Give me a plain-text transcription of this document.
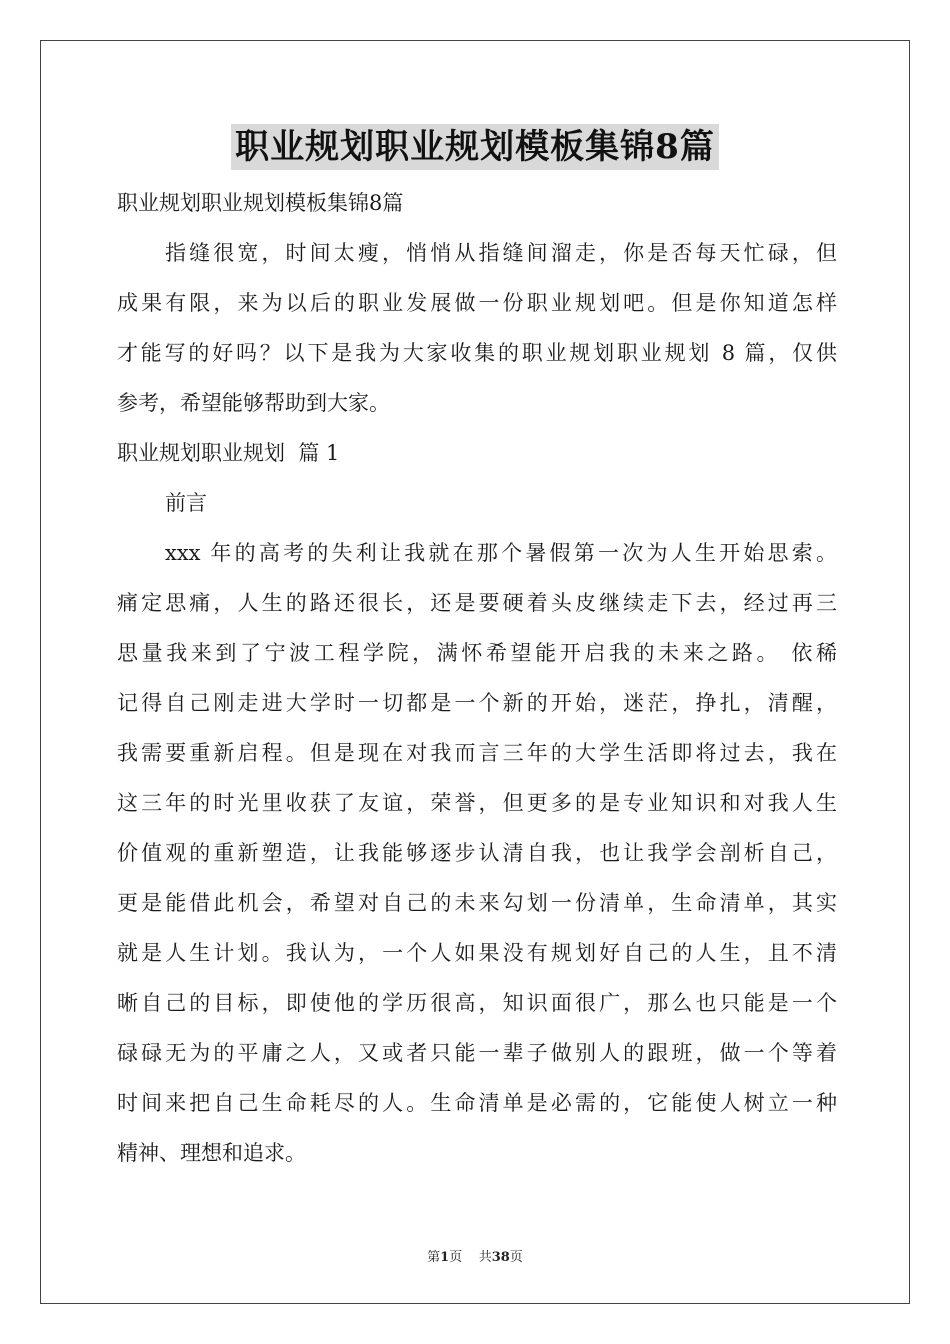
职业规划职业规划模板集锦8篇
职业规划职业规划模板集锦8篇
指缝很宽，时间太瘦，悄悄从指缝间溜走，你是否每天忙碌，但
成果有限，来为以后的职业发展做一份职业规划吧。但是你知道怎样
才能写的好吗？以下是我为大家收集的职业规划职业规划 8 篇，仅供
参考，希望能够帮助到大家。
职业规划职业规划  篇 1
前言
xxx 年的高考的失利让我就在那个暑假第一次为人生开始思索。
痛定思痛，人生的路还很长，还是要硬着头皮继续走下去，经过再三
思量我来到了宁波工程学院，满怀希望能开启我的未来之路。 依稀
记得自己刚走进大学时一切都是一个新的开始，迷茫，挣扎，清醒，
我需要重新启程。但是现在对我而言三年的大学生活即将过去，我在
这三年的时光里收获了友谊，荣誉，但更多的是专业知识和对我人生
价值观的重新塑造，让我能够逐步认清自我，也让我学会剖析自己，
更是能借此机会，希望对自己的未来勾划一份清单，生命清单，其实
就是人生计划。我认为，一个人如果没有规划好自己的人生，且不清
晰自己的目标，即使他的学历很高，知识面很广，那么也只能是一个
碌碌无为的平庸之人，又或者只能一辈子做别人的跟班，做一个等着
时间来把自己生命耗尽的人。生命清单是必需的，它能使人树立一种
精神、理想和追求。
第1页 共38页
